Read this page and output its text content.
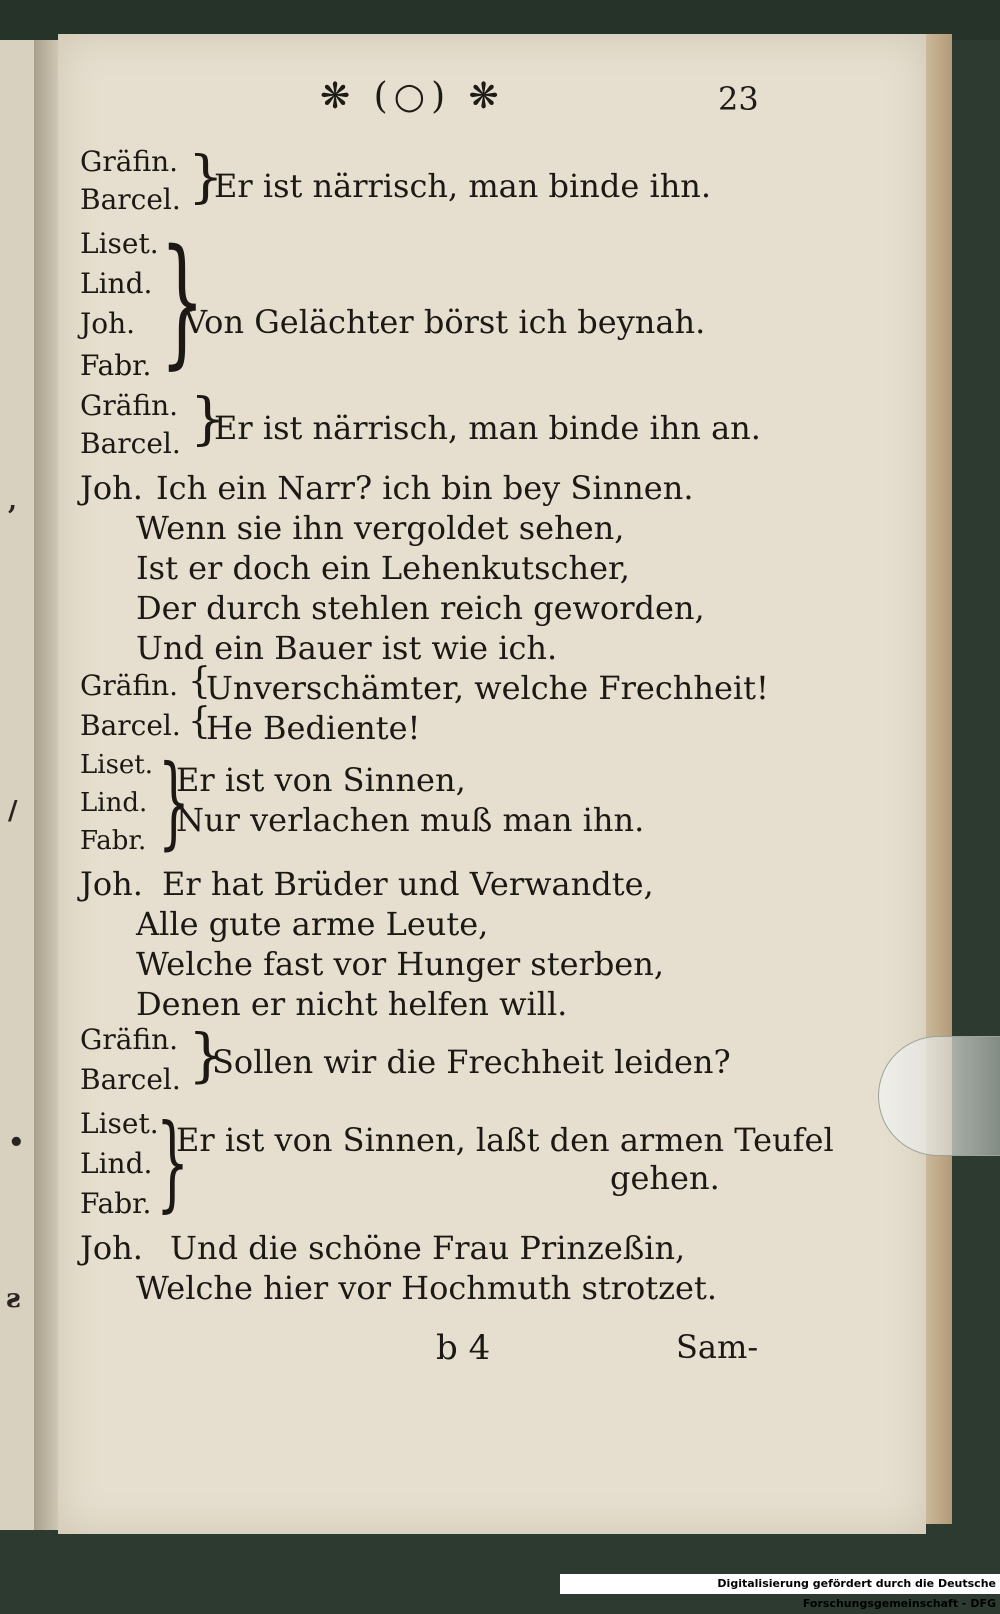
,
/
•
ƨ
❋ (○) ❋	23
Gräfin.
Barcel. }
Er ist närrisch, man binde ihn.
Liset.
Lind.
Joh.
Fabr. }
Von Gelächter börst ich beynah.
Gräfin.
Barcel. }
Er ist närrisch, man binde ihn an.
Joh. Ich ein Narr? ich bin bey Sinnen.
Wenn sie ihn vergoldet sehen,
Ist er doch ein Lehenkutscher,
Der durch stehlen reich geworden,
Und ein Bauer ist wie ich.
Gräfin. {
Unverschämter, welche Frechheit!
Barcel. {
He Bediente!
Liset.
Lind.
Fabr. }
Er ist von Sinnen,
Nur verlachen muß man ihn.
Joh. Er hat Brüder und Verwandte,
Alle gute arme Leute,
Welche fast vor Hunger sterben,
Denen er nicht helfen will.
Gräfin.
Barcel. }
Sollen wir die Frechheit leiden?
Liset.
Lind.
Fabr. }
Er ist von Sinnen, laßt den armen Teufel
gehen.
Joh. Und die schöne Frau Prinzeßin,
Welche hier vor Hochmuth strotzet.
b 4	Sam-
Digitalisierung gefördert durch die Deutsche Forschungsgemeinschaft - DFG
